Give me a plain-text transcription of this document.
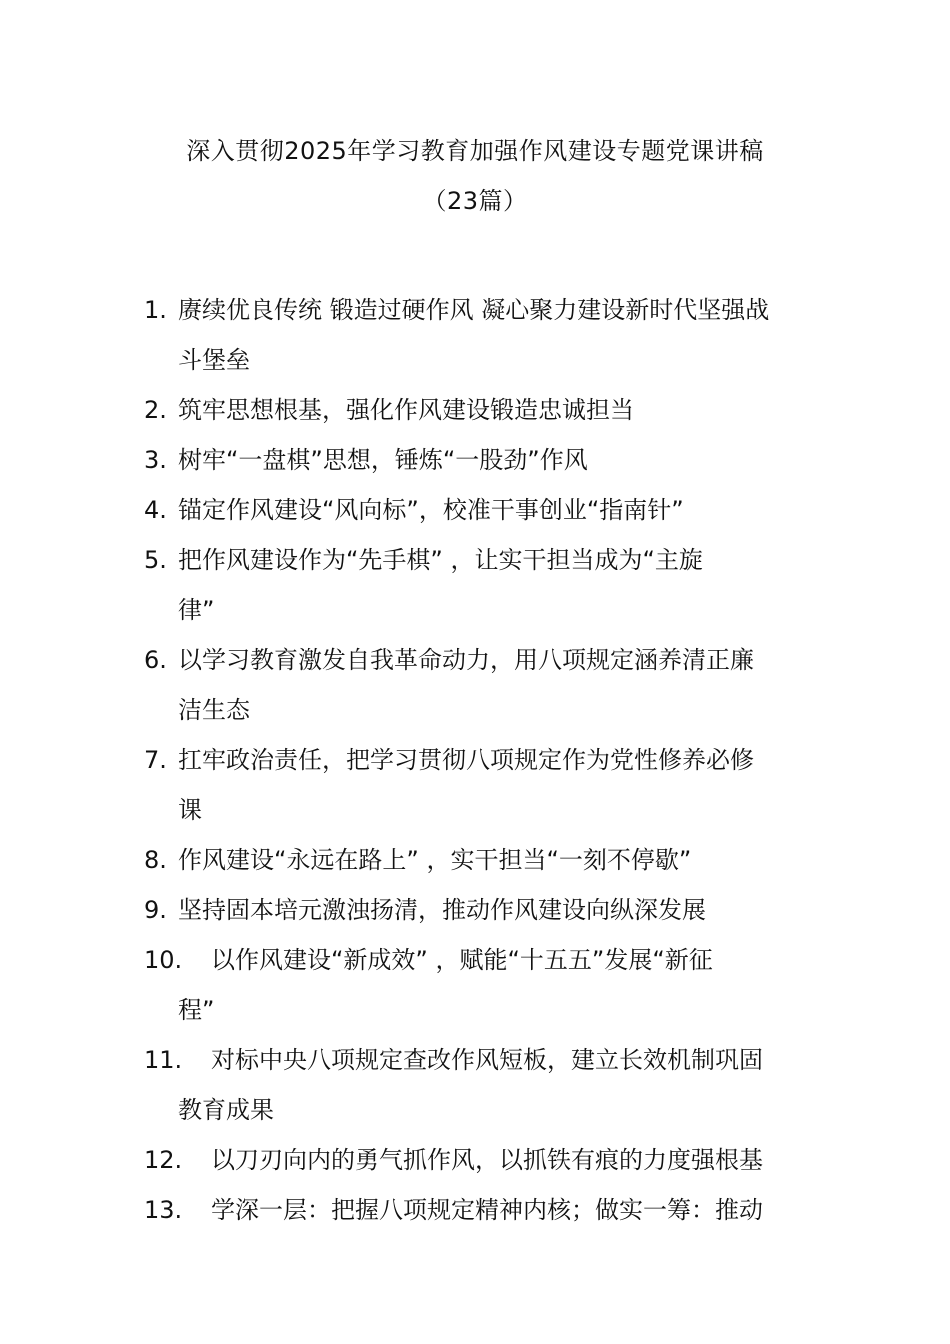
深入贯彻2025年学习教育加强作风建设专题党课讲稿
（23篇）
1. 赓续优良传统 锻造过硬作风 凝心聚力建设新时代坚强战
斗堡垒
2. 筑牢思想根基，强化作风建设锻造忠诚担当
3. 树牢“一盘棋”思想，锤炼“一股劲”作风
4. 锚定作风建设“风向标”，校准干事创业“指南针”
5. 把作风建设作为“先手棋” ，让实干担当成为“主旋
律”
6. 以学习教育激发自我革命动力，用八项规定涵养清正廉
洁生态
7. 扛牢政治责任，把学习贯彻八项规定作为党性修养必修
课
8. 作风建设“永远在路上” ，实干担当“一刻不停歇”
9. 坚持固本培元激浊扬清，推动作风建设向纵深发展
10. 以作风建设“新成效” ，赋能“十五五”发展“新征
程”
11. 对标中央八项规定查改作风短板，建立长效机制巩固
教育成果
12. 以刀刃向内的勇气抓作风，以抓铁有痕的力度强根基
13. 学深一层：把握八项规定精神内核；做实一筹：推动
